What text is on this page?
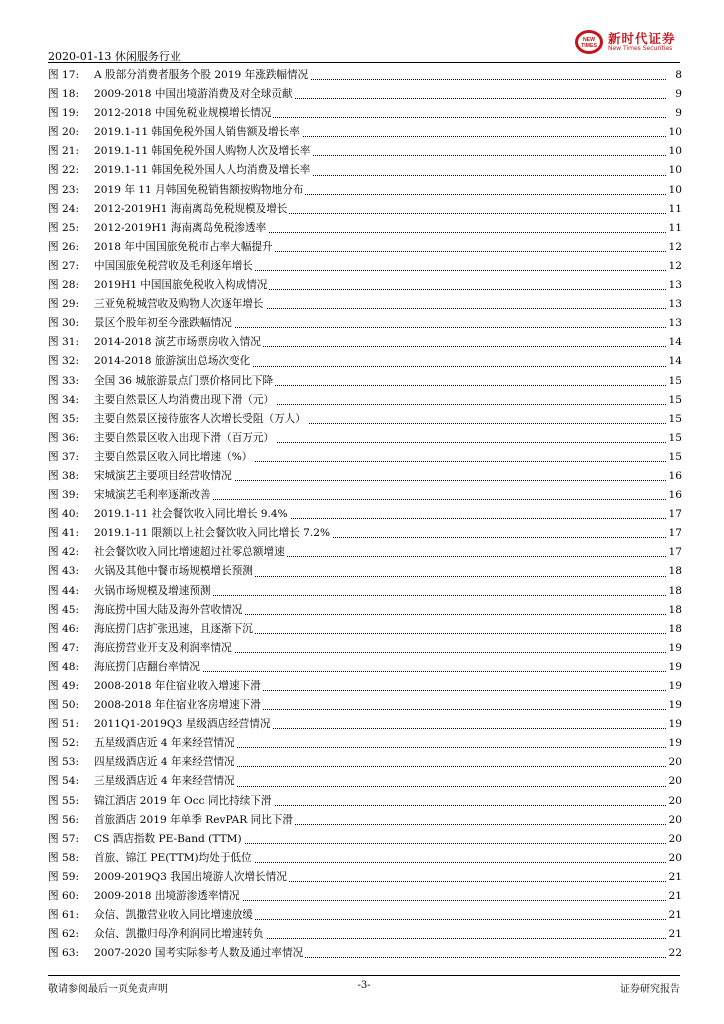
2020-01-13 休闲服务行业
NEW
TIMES 新时代证券
New Times Securities
图 17:	A 股部分消费者服务个股 2019 年涨跌幅情况	8
图 18:	2009-2018 中国出境游消费及对全球贡献	9
图 19:	2012-2018 中国免税业规模增长情况	9
图 20:	2019.1-11 韩国免税外国人销售额及增长率	10
图 21:	2019.1-11 韩国免税外国人购物人次及增长率	10
图 22:	2019.1-11 韩国免税外国人人均消费及增长率	10
图 23:	2019 年 11 月韩国免税销售额按购物地分布	10
图 24:	2012-2019H1 海南离岛免税规模及增长	11
图 25:	2012-2019H1 海南离岛免税渗透率	11
图 26:	2018 年中国国旅免税市占率大幅提升	12
图 27:	中国国旅免税营收及毛利逐年增长	12
图 28:	2019H1 中国国旅免税收入构成情况	13
图 29:	三亚免税城营收及购物人次逐年增长	13
图 30:	景区个股年初至今涨跌幅情况	13
图 31:	2014-2018 演艺市场票房收入情况	14
图 32:	2014-2018 旅游演出总场次变化	14
图 33:	全国 36 城旅游景点门票价格同比下降	15
图 34:	主要自然景区人均消费出现下滑（元）	15
图 35:	主要自然景区接待旅客人次增长受阻（万人）	15
图 36:	主要自然景区收入出现下滑（百万元）	15
图 37:	主要自然景区收入同比增速（%）	15
图 38:	宋城演艺主要项目经营收情况	16
图 39:	宋城演艺毛利率逐渐改善	16
图 40:	2019.1-11 社会餐饮收入同比增长 9.4%	17
图 41:	2019.1-11 限额以上社会餐饮收入同比增长 7.2%	17
图 42:	社会餐饮收入同比增速超过社零总额增速	17
图 43:	火锅及其他中餐市场规模增长预测	18
图 44:	火锅市场规模及增速预测	18
图 45:	海底捞中国大陆及海外营收情况	18
图 46:	海底捞门店扩张迅速，且逐渐下沉	18
图 47:	海底捞营业开支及利润率情况	19
图 48:	海底捞门店翻台率情况	19
图 49:	2008-2018 年住宿业收入增速下滑	19
图 50:	2008-2018 年住宿业客房增速下滑	19
图 51:	2011Q1-2019Q3 星级酒店经营情况	19
图 52:	五星级酒店近 4 年来经营情况	19
图 53:	四星级酒店近 4 年来经营情况	20
图 54:	三星级酒店近 4 年来经营情况	20
图 55:	锦江酒店 2019 年 Occ 同比持续下滑	20
图 56:	首旅酒店 2019 年单季 RevPAR 同比下滑	20
图 57:	CS 酒店指数 PE-Band (TTM)	20
图 58:	首旅、锦江 PE(TTM)均处于低位	20
图 59:	2009-2019Q3 我国出境游人次增长情况	21
图 60:	2009-2018 出境游渗透率情况	21
图 61:	众信、凯撒营业收入同比增速放缓	21
图 62:	众信、凯撒归母净利润同比增速转负	21
图 63:	2007-2020 国考实际参考人数及通过率情况	22
敬请参阅最后一页免责声明	-3-	证券研究报告
